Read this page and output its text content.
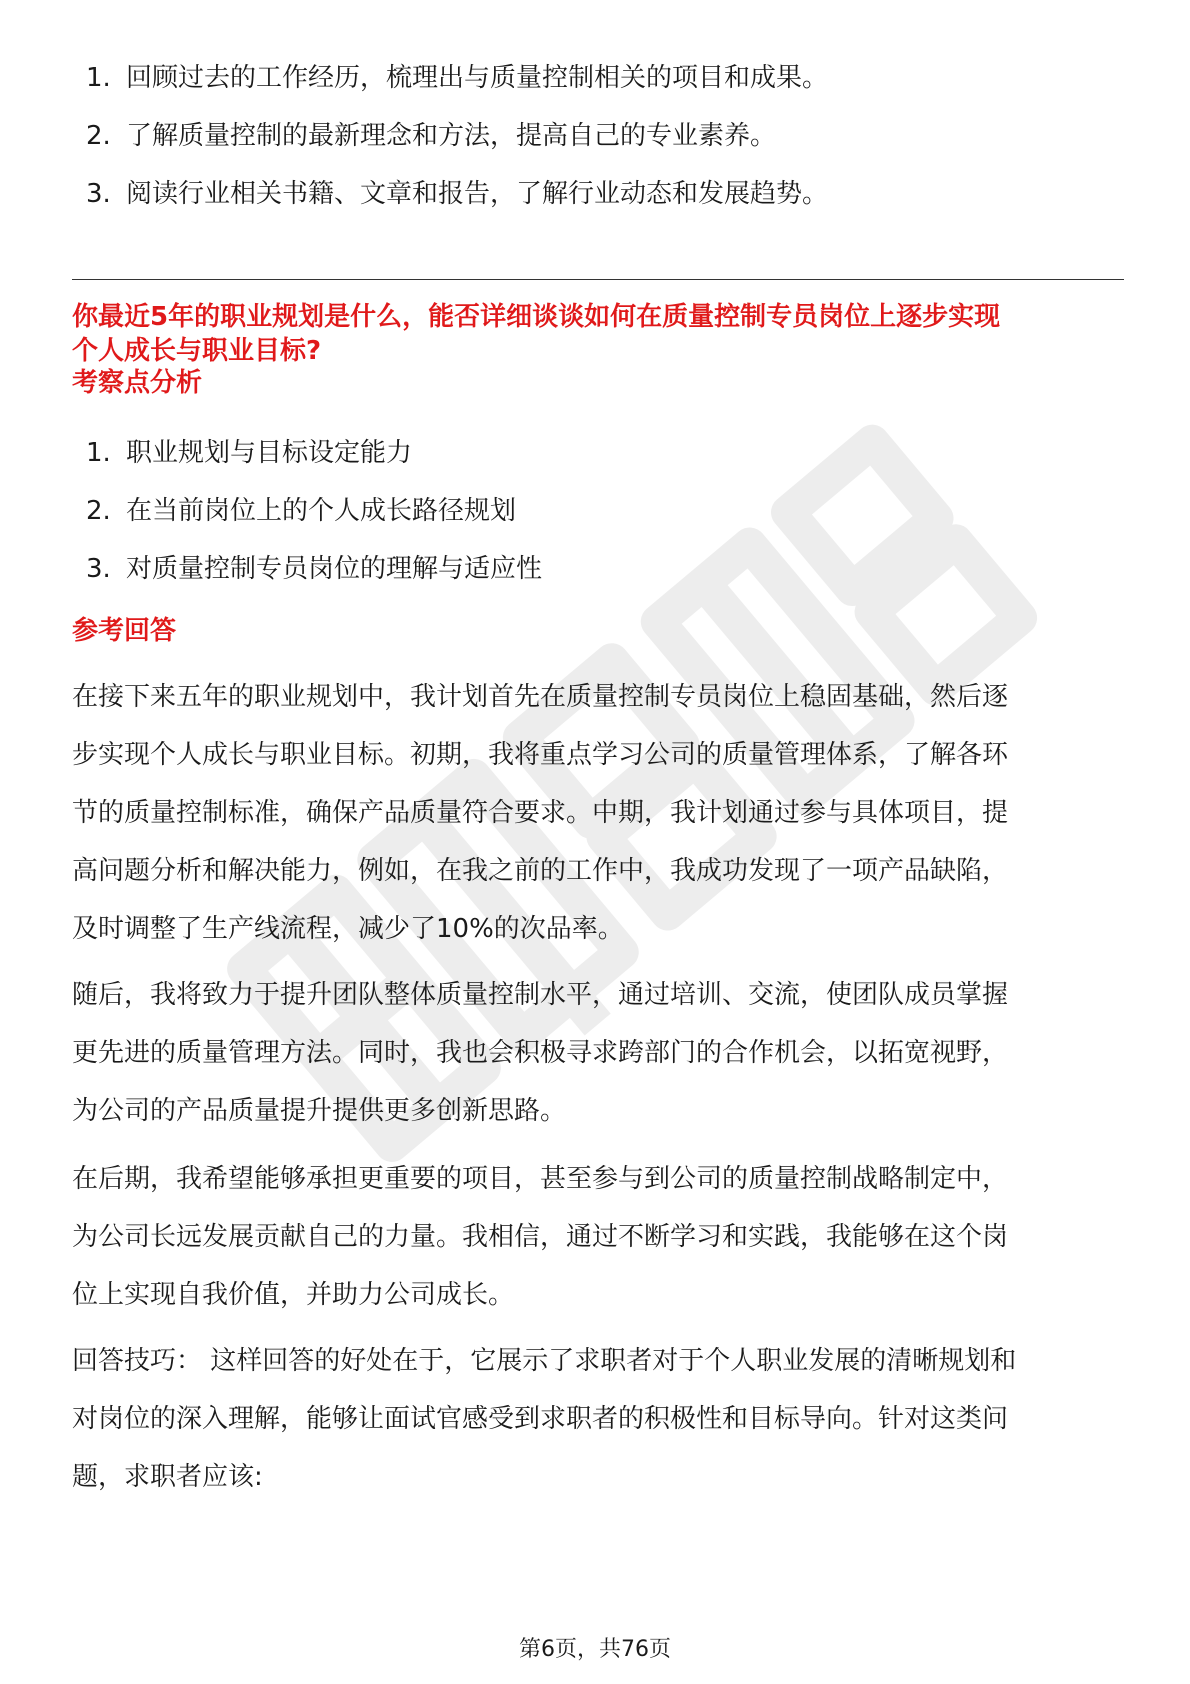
1. 回顾过去的工作经历，梳理出与质量控制相关的项目和成果。
2. 了解质量控制的最新理念和方法，提高自己的专业素养。
3. 阅读行业相关书籍、文章和报告，了解行业动态和发展趋势。
你最近5年的职业规划是什么，能否详细谈谈如何在质量控制专员岗位上逐步实现
个人成长与职业目标?
考察点分析
1. 职业规划与目标设定能力
2. 在当前岗位上的个人成长路径规划
3. 对质量控制专员岗位的理解与适应性
参考回答
在接下来五年的职业规划中，我计划首先在质量控制专员岗位上稳固基础，然后逐
步实现个人成长与职业目标。初期，我将重点学习公司的质量管理体系，了解各环
节的质量控制标准，确保产品质量符合要求。中期，我计划通过参与具体项目，提
高问题分析和解决能力，例如，在我之前的工作中，我成功发现了一项产品缺陷，
及时调整了生产线流程，减少了10%的次品率。
随后，我将致力于提升团队整体质量控制水平，通过培训、交流，使团队成员掌握
更先进的质量管理方法。同时，我也会积极寻求跨部门的合作机会，以拓宽视野，
为公司的产品质量提升提供更多创新思路。
在后期，我希望能够承担更重要的项目，甚至参与到公司的质量控制战略制定中，
为公司长远发展贡献自己的力量。我相信，通过不断学习和实践，我能够在这个岗
位上实现自我价值，并助力公司成长。
回答技巧： 这样回答的好处在于，它展示了求职者对于个人职业发展的清晰规划和
对岗位的深入理解，能够让面试官感受到求职者的积极性和目标导向。针对这类问
题，求职者应该:
第6页，共76页
